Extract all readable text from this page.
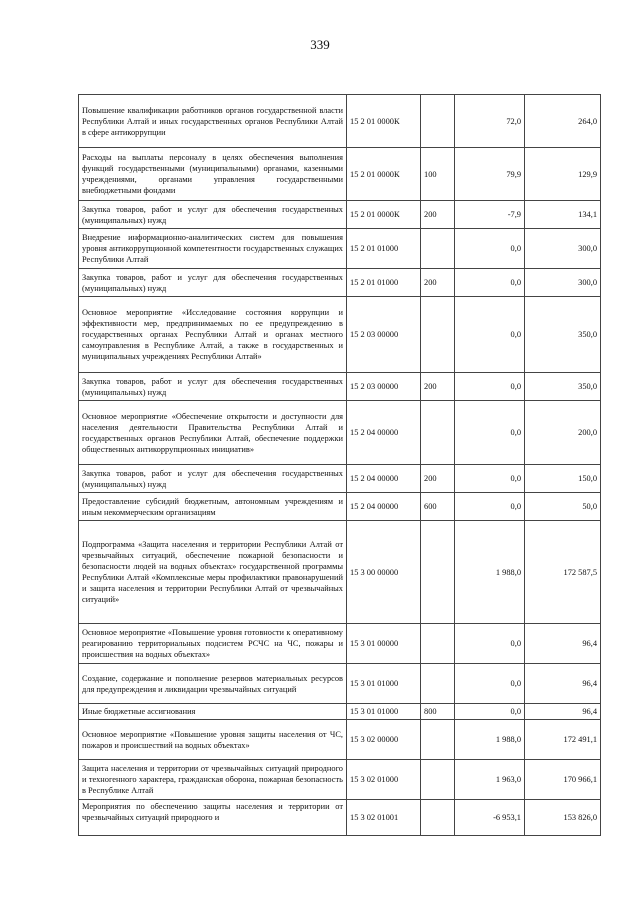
339
Повышение квалификации работников органов государственной власти Республики Алтай и иных государственных органов Республики Алтай в сфере антикоррупции	15 2 01 0000К		72,0	264,0
Расходы на выплаты персоналу в целях обеспечения выполнения функций государственными (муниципальными) органами, казенными учреждениями, органами управления государственными внебюджетными фондами	15 2 01 0000К	100	79,9	129,9
Закупка товаров, работ и услуг для обеспечения государственных (муниципальных) нужд	15 2 01 0000К	200	-7,9	134,1
Внедрение информационно-аналитических систем для повышения уровня антикоррупционной компетентности государственных служащих Республики Алтай	15 2 01 01000		0,0	300,0
Закупка товаров, работ и услуг для обеспечения государственных (муниципальных) нужд	15 2 01 01000	200	0,0	300,0
Основное мероприятие «Исследование состояния коррупции и эффективности мер, предпринимаемых по ее предупреждению в государственных органах Республики Алтай и органах местного самоуправления в Республике Алтай, а также в государственных и муниципальных учреждениях Республики Алтай»	15 2 03 00000		0,0	350,0
Закупка товаров, работ и услуг для обеспечения государственных (муниципальных) нужд	15 2 03 00000	200	0,0	350,0
Основное мероприятие «Обеспечение открытости и доступности для населения деятельности Правительства Республики Алтай и государственных органов Республики Алтай, обеспечение поддержки общественных антикоррупционных инициатив»	15 2 04 00000		0,0	200,0
Закупка товаров, работ и услуг для обеспечения государственных (муниципальных) нужд	15 2 04 00000	200	0,0	150,0
Предоставление субсидий бюджетным, автономным учреждениям и иным некоммерческим организациям	15 2 04 00000	600	0,0	50,0
Подпрограмма «Защита населения и территории Республики Алтай от чрезвычайных ситуаций, обеспечение пожарной безопасности и безопасности людей на водных объектах» государственной программы Республики Алтай «Комплексные меры профилактики правонарушений и защита населения и территории Республики Алтай от чрезвычайных ситуаций»	15 3 00 00000		1 988,0	172 587,5
Основное мероприятие «Повышение уровня готовности к оперативному реагированию территориальных подсистем РСЧС на ЧС, пожары и происшествия на водных объектах»	15 3 01 00000		0,0	96,4
Создание, содержание и пополнение резервов материальных ресурсов для предупреждения и ликвидации чрезвычайных ситуаций	15 3 01 01000		0,0	96,4
Иные бюджетные ассигнования	15 3 01 01000	800	0,0	96,4
Основное мероприятие «Повышение уровня защиты населения от ЧС, пожаров и происшествий на водных объектах»	15 3 02 00000		1 988,0	172 491,1
Защита населения и территории от чрезвычайных ситуаций природного и техногенного характера, гражданская оборона, пожарная безопасность в Республике Алтай	15 3 02 01000		1 963,0	170 966,1
Мероприятия по обеспечению защиты населения и территории от чрезвычайных ситуаций природного и	15 3 02 01001		-6 953,1	153 826,0
